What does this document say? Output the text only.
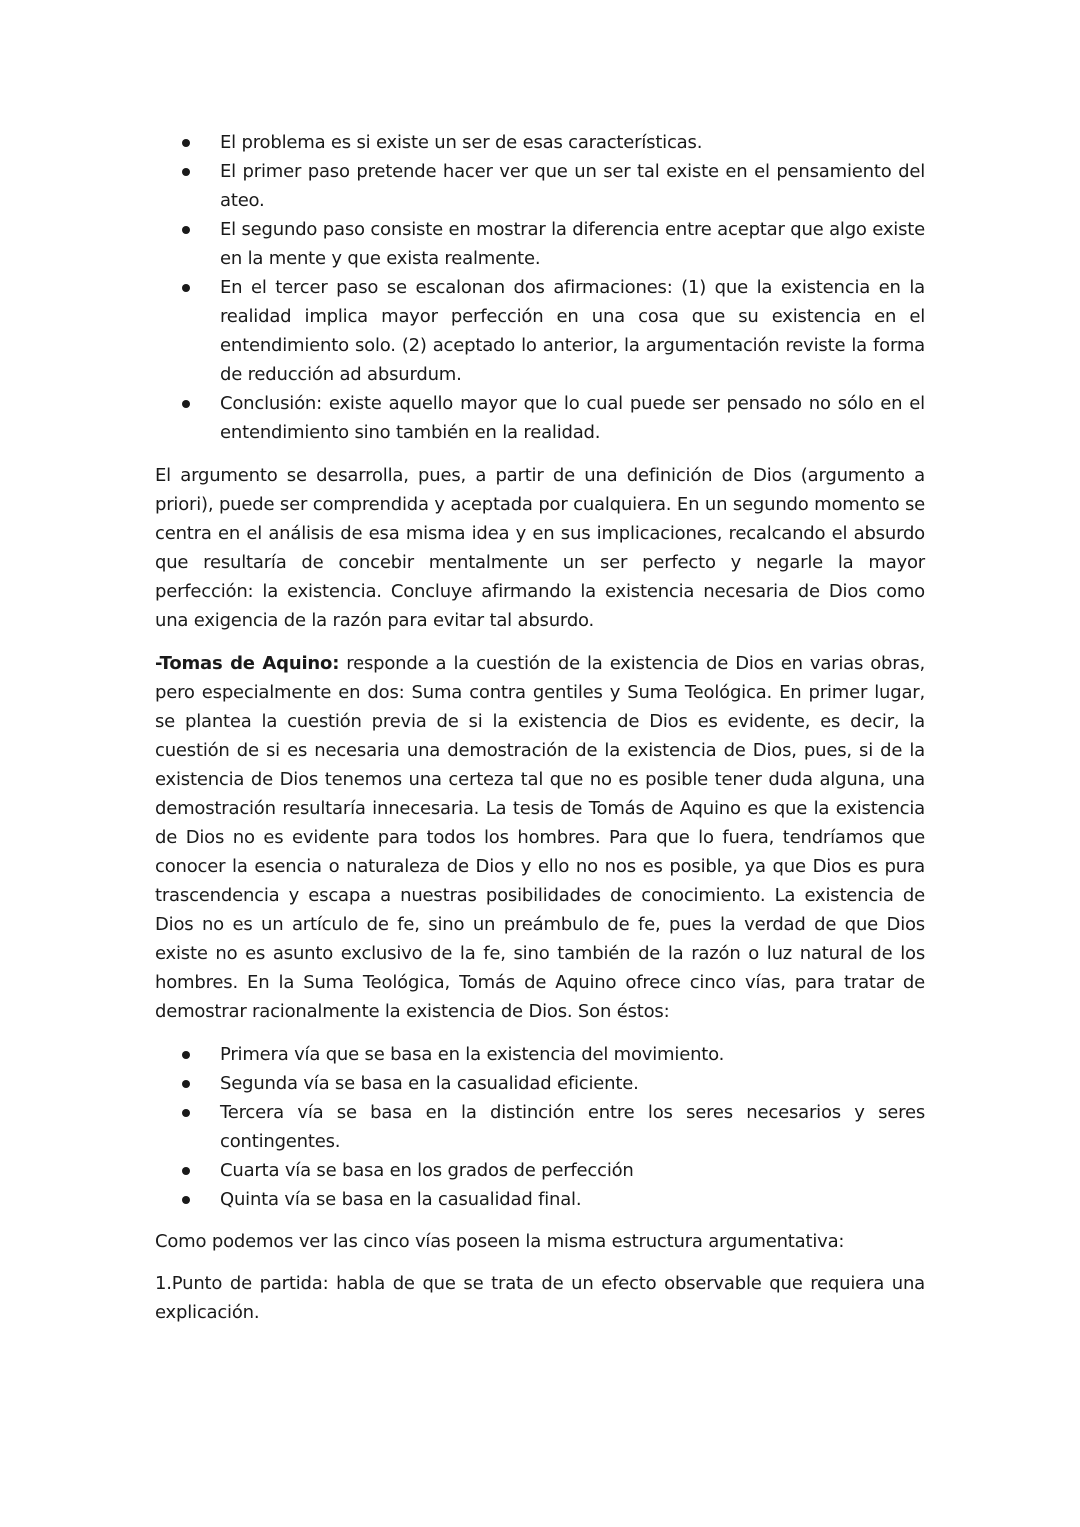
El problema es si existe un ser de esas características.
El primer paso pretende hacer ver que un ser tal existe en el pensamiento del ateo.
El segundo paso consiste en mostrar la diferencia entre aceptar que algo existe en la mente y que exista realmente.
En el tercer paso se escalonan dos afirmaciones: (1) que la existencia en la realidad implica mayor perfección en una cosa que su existencia en el entendimiento solo. (2) aceptado lo anterior, la argumentación reviste la forma de reducción ad absurdum.
Conclusión: existe aquello mayor que lo cual puede ser pensado no sólo en el entendimiento sino también en la realidad.

El argumento se desarrolla, pues, a partir de una definición de Dios (argumento a priori), puede ser comprendida y aceptada por cualquiera. En un segundo momento se centra en el análisis de esa misma idea y en sus implicaciones, recalcando el absurdo que resultaría de concebir mentalmente un ser perfecto y negarle la mayor perfección: la existencia. Concluye afirmando la existencia necesaria de Dios como una exigencia de la razón para evitar tal absurdo.

-Tomas de Aquino: responde a la cuestión de la existencia de Dios en varias obras, pero especialmente en dos: Suma contra gentiles y Suma Teológica. En primer lugar, se plantea la cuestión previa de si la existencia de Dios es evidente, es decir, la cuestión de si es necesaria una demostración de la existencia de Dios, pues, si de la existencia de Dios tenemos una certeza tal que no es posible tener duda alguna, una demostración resultaría innecesaria. La tesis de Tomás de Aquino es que la existencia de Dios no es evidente para todos los hombres. Para que lo fuera, tendríamos que conocer la esencia o naturaleza de Dios y ello no nos es posible, ya que Dios es pura trascendencia y escapa a nuestras posibilidades de conocimiento. La existencia de Dios no es un artículo de fe, sino un preámbulo de fe, pues la verdad de que Dios existe no es asunto exclusivo de la fe, sino también de la razón o luz natural de los hombres. En la Suma Teológica, Tomás de Aquino ofrece cinco vías, para tratar de demostrar racionalmente la existencia de Dios. Son éstos:

Primera vía que se basa en la existencia del movimiento.
Segunda vía se basa en la casualidad eficiente.
Tercera vía se basa en la distinción entre los seres necesarios y seres contingentes.
Cuarta vía se basa en los grados de perfección
Quinta vía se basa en la casualidad final.

Como podemos ver las cinco vías poseen la misma estructura argumentativa:

1.Punto de partida: habla de que se trata de un efecto observable que requiera una explicación.
